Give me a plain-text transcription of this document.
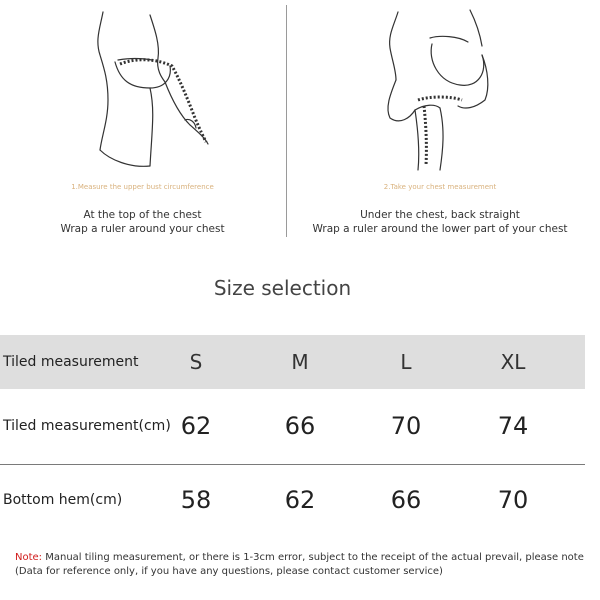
1.Measure the upper bust circumference
At the top of the chest
Wrap a ruler around your chest
2.Take your chest measurement
Under the chest, back straight
Wrap a ruler around the lower part of your chest
Size selection
Tiled measurement	S	M	L	XL
Tiled measurement(cm) 62	66	70	74
Bottom hem(cm)	58	62	66	70
Note: Manual tiling measurement, or there is 1-3cm error, subject to the receipt of the actual prevail, please note
(Data for reference only, if you have any questions, please contact customer service)
